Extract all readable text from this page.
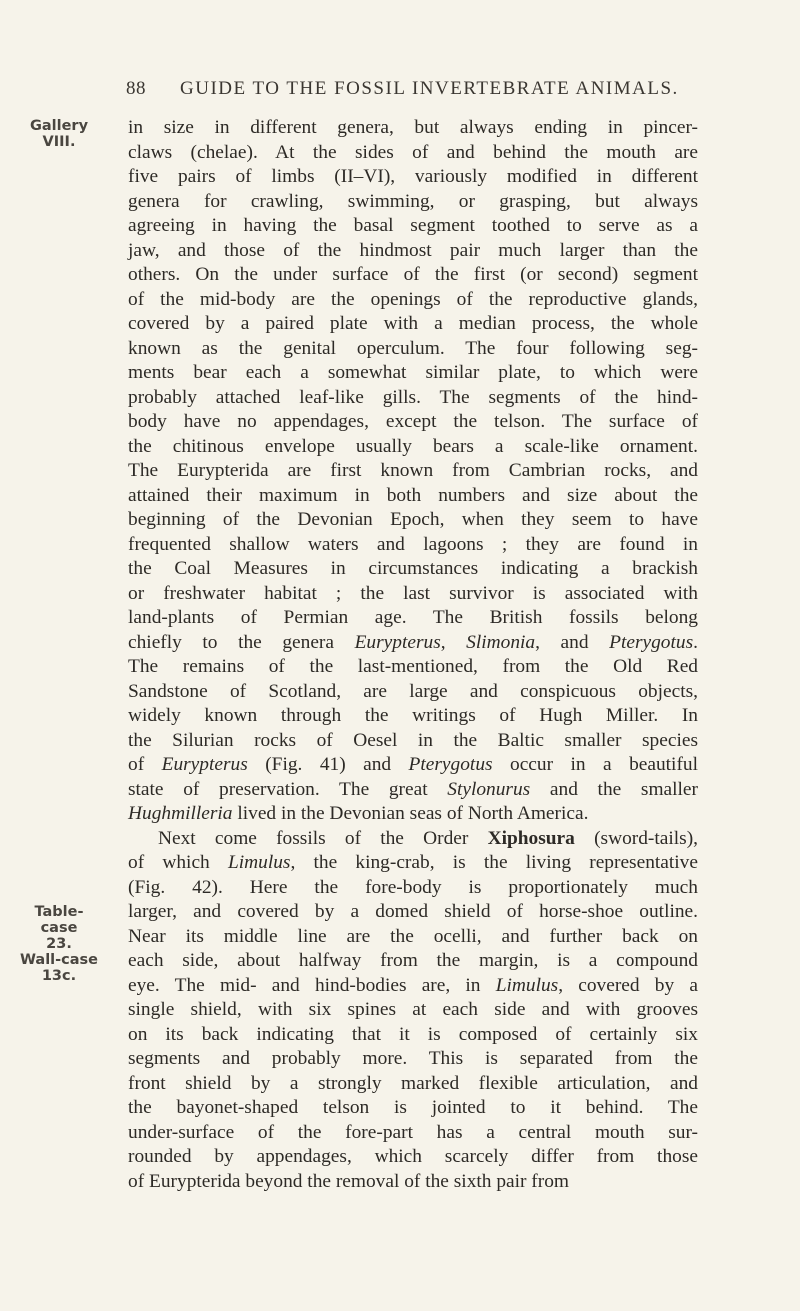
88 GUIDE TO THE FOSSIL INVERTEBRATE ANIMALS.
Gallery
VIII.
Table-case
23.
Wall-case
13c.
in size in different genera, but always ending in pincer-
claws (chelae). At the sides of and behind the mouth are
five pairs of limbs (II–VI), variously modified in different
genera for crawling, swimming, or grasping, but always
agreeing in having the basal segment toothed to serve as a
jaw, and those of the hindmost pair much larger than the
others. On the under surface of the first (or second) segment
of the mid-body are the openings of the reproductive glands,
covered by a paired plate with a median process, the whole
known as the genital operculum. The four following seg-
ments bear each a somewhat similar plate, to which were
probably attached leaf-like gills. The segments of the hind-
body have no appendages, except the telson. The surface of
the chitinous envelope usually bears a scale-like ornament.
The Eurypterida are first known from Cambrian rocks, and
attained their maximum in both numbers and size about the
beginning of the Devonian Epoch, when they seem to have
frequented shallow waters and lagoons ; they are found in
the Coal Measures in circumstances indicating a brackish
or freshwater habitat ; the last survivor is associated with
land-plants of Permian age. The British fossils belong
chiefly to the genera Eurypterus, Slimonia, and Pterygotus.
The remains of the last-mentioned, from the Old Red
Sandstone of Scotland, are large and conspicuous objects,
widely known through the writings of Hugh Miller. In
the Silurian rocks of Oesel in the Baltic smaller species
of Eurypterus (Fig. 41) and Pterygotus occur in a beautiful
state of preservation. The great Stylonurus and the smaller
Hughmilleria lived in the Devonian seas of North America.
Next come fossils of the Order Xiphosura (sword-tails),
of which Limulus, the king-crab, is the living representative
(Fig. 42). Here the fore-body is proportionately much
larger, and covered by a domed shield of horse-shoe outline.
Near its middle line are the ocelli, and further back on
each side, about halfway from the margin, is a compound
eye. The mid- and hind-bodies are, in Limulus, covered by a
single shield, with six spines at each side and with grooves
on its back indicating that it is composed of certainly six
segments and probably more. This is separated from the
front shield by a strongly marked flexible articulation, and
the bayonet-shaped telson is jointed to it behind. The
under-surface of the fore-part has a central mouth sur-
rounded by appendages, which scarcely differ from those
of Eurypterida beyond the removal of the sixth pair from
